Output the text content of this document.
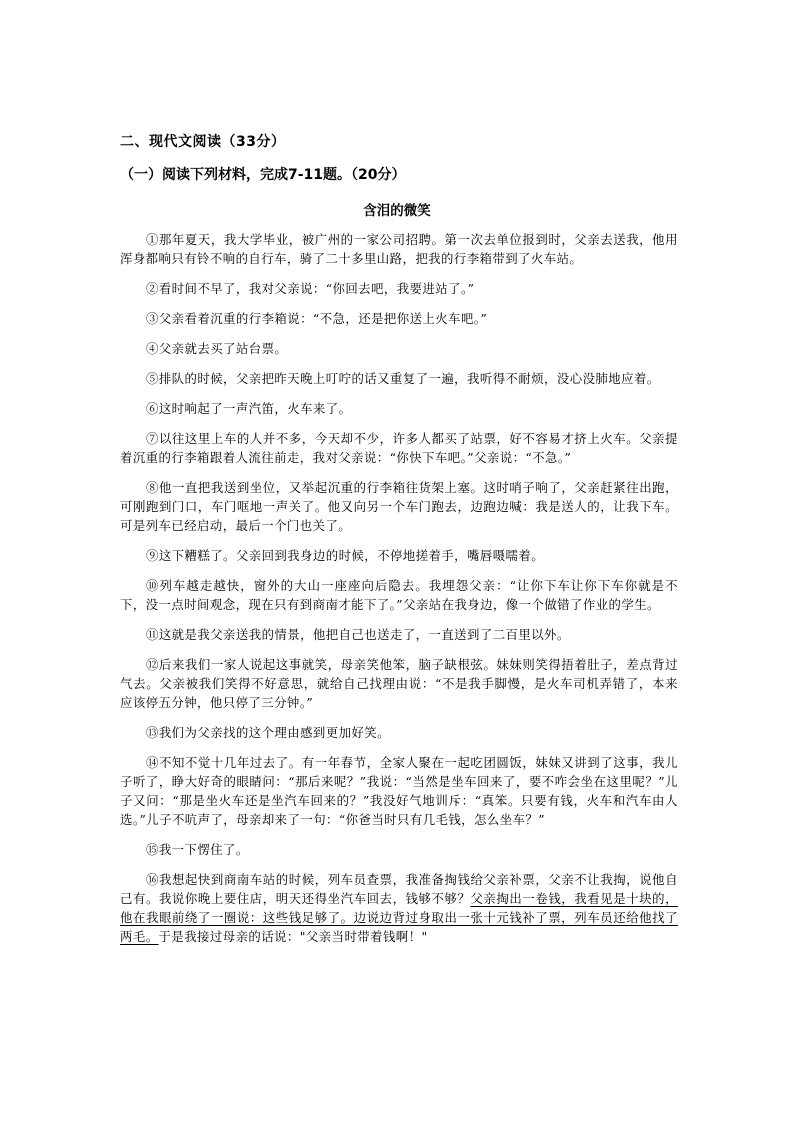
二、现代文阅读（33分）
（一）阅读下列材料，完成7-11题。（20分）
含泪的微笑

①那年夏天，我大学毕业，被广州的一家公司招聘。第一次去单位报到时，父亲去送我，他用浑身都响只有铃不响的自行车，骑了二十多里山路，把我的行李箱带到了火车站。

②看时间不早了，我对父亲说：“你回去吧，我要进站了。”

③父亲看着沉重的行李箱说：“不急，还是把你送上火车吧。”

④父亲就去买了站台票。

⑤排队的时候，父亲把昨天晚上叮咛的话又重复了一遍，我听得不耐烦，没心没肺地应着。

⑥这时响起了一声汽笛，火车来了。

⑦以往这里上车的人并不多，今天却不少，许多人都买了站票，好不容易才挤上火车。父亲提着沉重的行李箱跟着人流往前走，我对父亲说：“你快下车吧。”父亲说：“不急。”

⑧他一直把我送到坐位，又举起沉重的行李箱往货架上塞。这时哨子响了，父亲赶紧往出跑，可刚跑到门口，车门哐地一声关了。他又向另一个车门跑去，边跑边喊：我是送人的，让我下车。可是列车已经启动，最后一个门也关了。

⑨这下糟糕了。父亲回到我身边的时候，不停地搓着手，嘴唇嗫嚅着。

⑩列车越走越快，窗外的大山一座座向后隐去。我埋怨父亲：“让你下车让你下车你就是不下，没一点时间观念，现在只有到商南才能下了。”父亲站在我身边，像一个做错了作业的学生。

⑪这就是我父亲送我的情景，他把自己也送走了，一直送到了二百里以外。

⑫后来我们一家人说起这事就笑，母亲笑他笨，脑子缺根弦。妹妹则笑得捂着肚子，差点背过气去。父亲被我们笑得不好意思，就给自己找理由说：“不是我手脚慢，是火车司机弄错了，本来应该停五分钟，他只停了三分钟。”

⑬我们为父亲找的这个理由感到更加好笑。

⑭不知不觉十几年过去了。有一年春节，全家人聚在一起吃团圆饭，妹妹又讲到了这事，我儿子听了，睁大好奇的眼睛问：“那后来呢？”我说：“当然是坐车回来了，要不咋会坐在这里呢？”儿子又问：“那是坐火车还是坐汽车回来的？”我没好气地训斥：“真笨。只要有钱，火车和汽车由人选。”儿子不吭声了，母亲却来了一句：“你爸当时只有几毛钱，怎么坐车？”

⑮我一下愣住了。

⑯我想起快到商南车站的时候，列车员查票，我准备掏钱给父亲补票，父亲不让我掏，说他自己有。我说你晚上要住店，明天还得坐汽车回去，钱够不够？父亲掏出一卷钱，我看见是十块的，他在我眼前绕了一圈说：这些钱足够了。边说边背过身取出一张十元钱补了票，列车员还给他找了两毛。于是我接过母亲的话说："父亲当时带着钱啊！"
